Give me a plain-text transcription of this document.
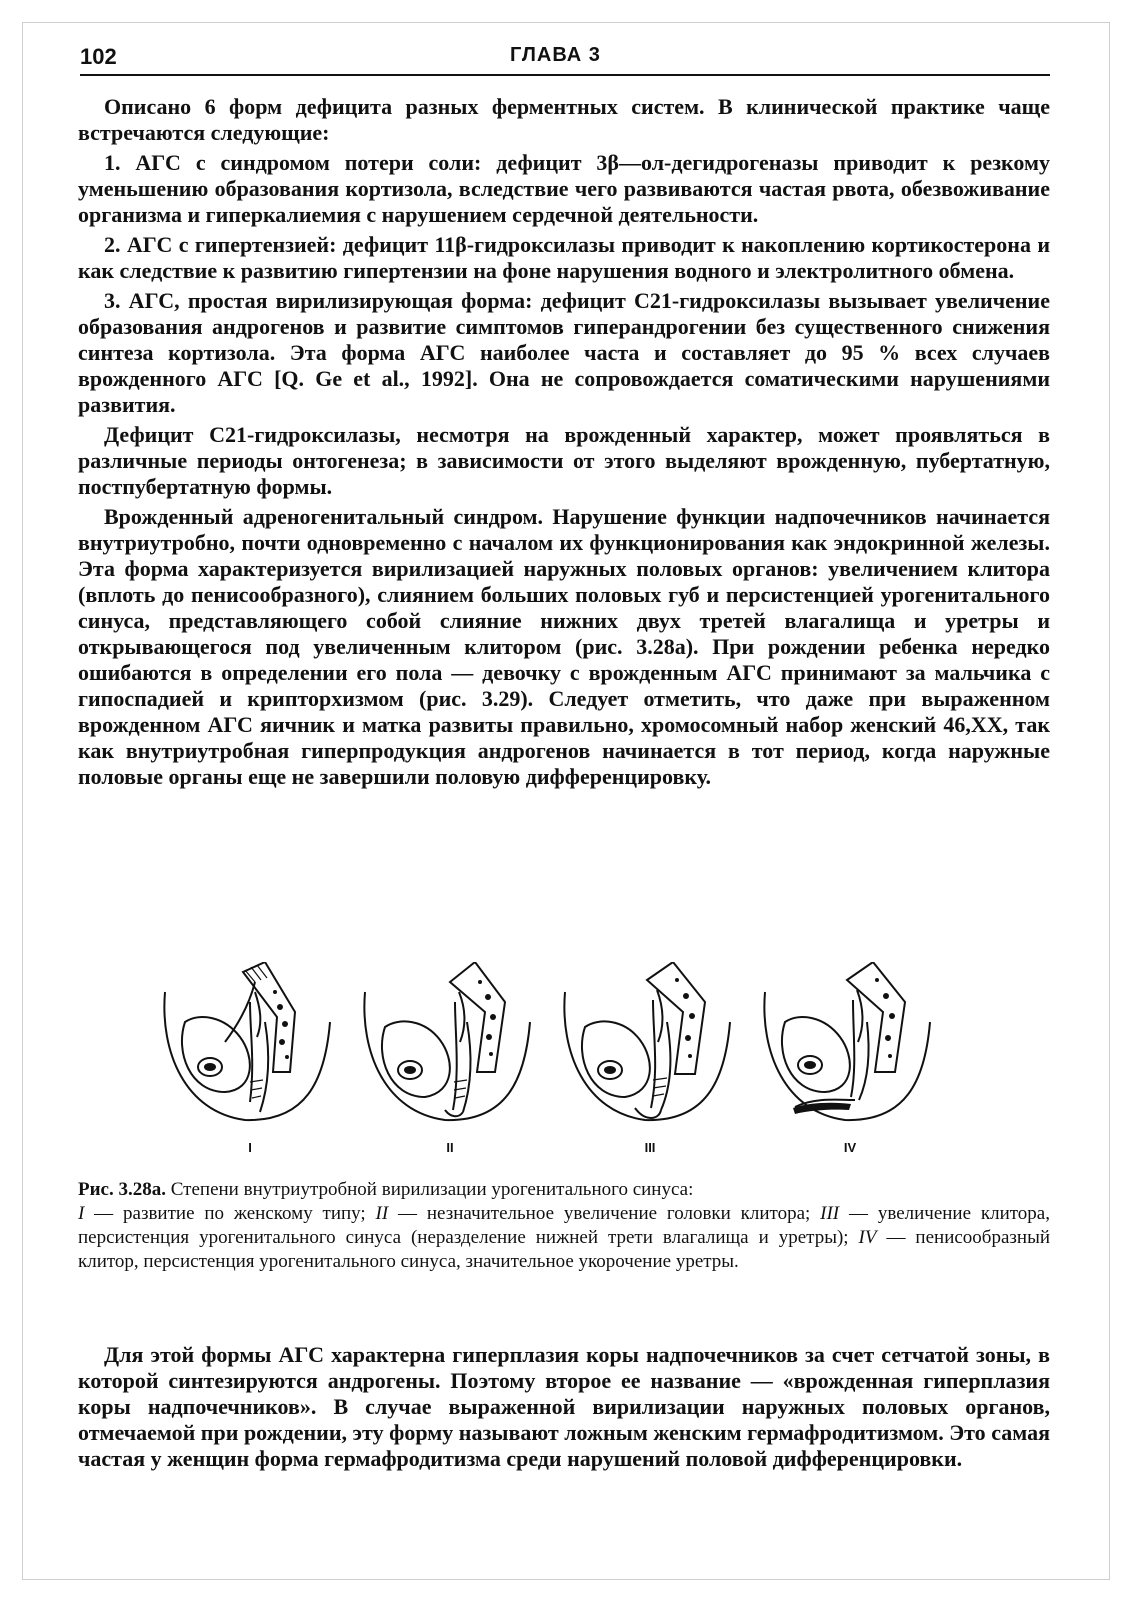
102	ГЛАВА 3

Описано 6 форм дефицита разных ферментных систем. В клинической практике чаще встречаются следующие:

1. АГС с синдромом потери соли: дефицит 3β—ол-дегидрогеназы приводит к резкому уменьшению образования кортизола, вследствие чего развиваются частая рвота, обезвоживание организма и гиперкалиемия с нарушением сердечной деятельности.

2. АГС с гипертензией: дефицит 11β-гидроксилазы приводит к накоплению кортикостерона и как следствие к развитию гипертензии на фоне нарушения водного и электролитного обмена.

3. АГС, простая вирилизирующая форма: дефицит С21-гидроксилазы вызывает увеличение образования андрогенов и развитие симптомов гиперандрогении без существенного снижения синтеза кортизола. Эта форма АГС наиболее часта и составляет до 95 % всех случаев врожденного АГС [Q. Ge et al., 1992]. Она не сопровождается соматическими нарушениями развития.

Дефицит С21-гидроксилазы, несмотря на врожденный характер, может проявляться в различные периоды онтогенеза; в зависимости от этого выделяют врожденную, пубертатную, постпубертатную формы.

Врожденный адреногенитальный синдром. Нарушение функции надпочечников начинается внутриутробно, почти одновременно с началом их функционирования как эндокринной железы. Эта форма характеризуется вирилизацией наружных половых органов: увеличением клитора (вплоть до пенисообразного), слиянием больших половых губ и персистенцией урогенитального синуса, представляющего собой слияние нижних двух третей влагалища и уретры и открывающегося под увеличенным клитором (рис. 3.28а). При рождении ребенка нередко ошибаются в определении его пола — девочку с врожденным АГС принимают за мальчика с гипоспадией и крипторхизмом (рис. 3.29). Следует отметить, что даже при выраженном врожденном АГС яичник и матка развиты правильно, хромосомный набор женский 46,XX, так как внутриутробная гиперпродукция андрогенов начинается в тот период, когда наружные половые органы еще не завершили половую дифференцировку.

I	II	III	IV
Рис. 3.28а. Степени внутриутробной вирилизации урогенитального синуса:
I — развитие по женскому типу; II — незначительное увеличение головки клитора; III — увеличение клитора, персистенция урогенитального синуса (неразделение нижней трети влагалища и уретры); IV — пенисообразный клитор, персистенция урогенитального синуса, значительное укорочение уретры.

Для этой формы АГС характерна гиперплазия коры надпочечников за счет сетчатой зоны, в которой синтезируются андрогены. Поэтому второе ее название — «врожденная гиперплазия коры надпочечников». В случае выраженной вирилизации наружных половых органов, отмечаемой при рождении, эту форму называют ложным женским гермафродитизмом. Это самая частая у женщин форма гермафродитизма среди нарушений половой дифференцировки.
